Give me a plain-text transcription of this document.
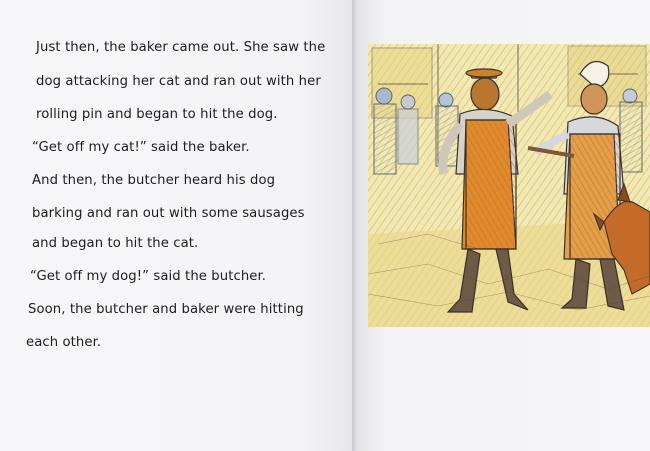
Just then, the baker came out. She saw the
dog attacking her cat and ran out with her
rolling pin and began to hit the dog.
“Get off my cat!” said the baker.
And then, the butcher heard his dog
barking and ran out with some sausages
and began to hit the cat.
“Get off my dog!” said the butcher.
Soon, the butcher and baker were hitting
each other.
